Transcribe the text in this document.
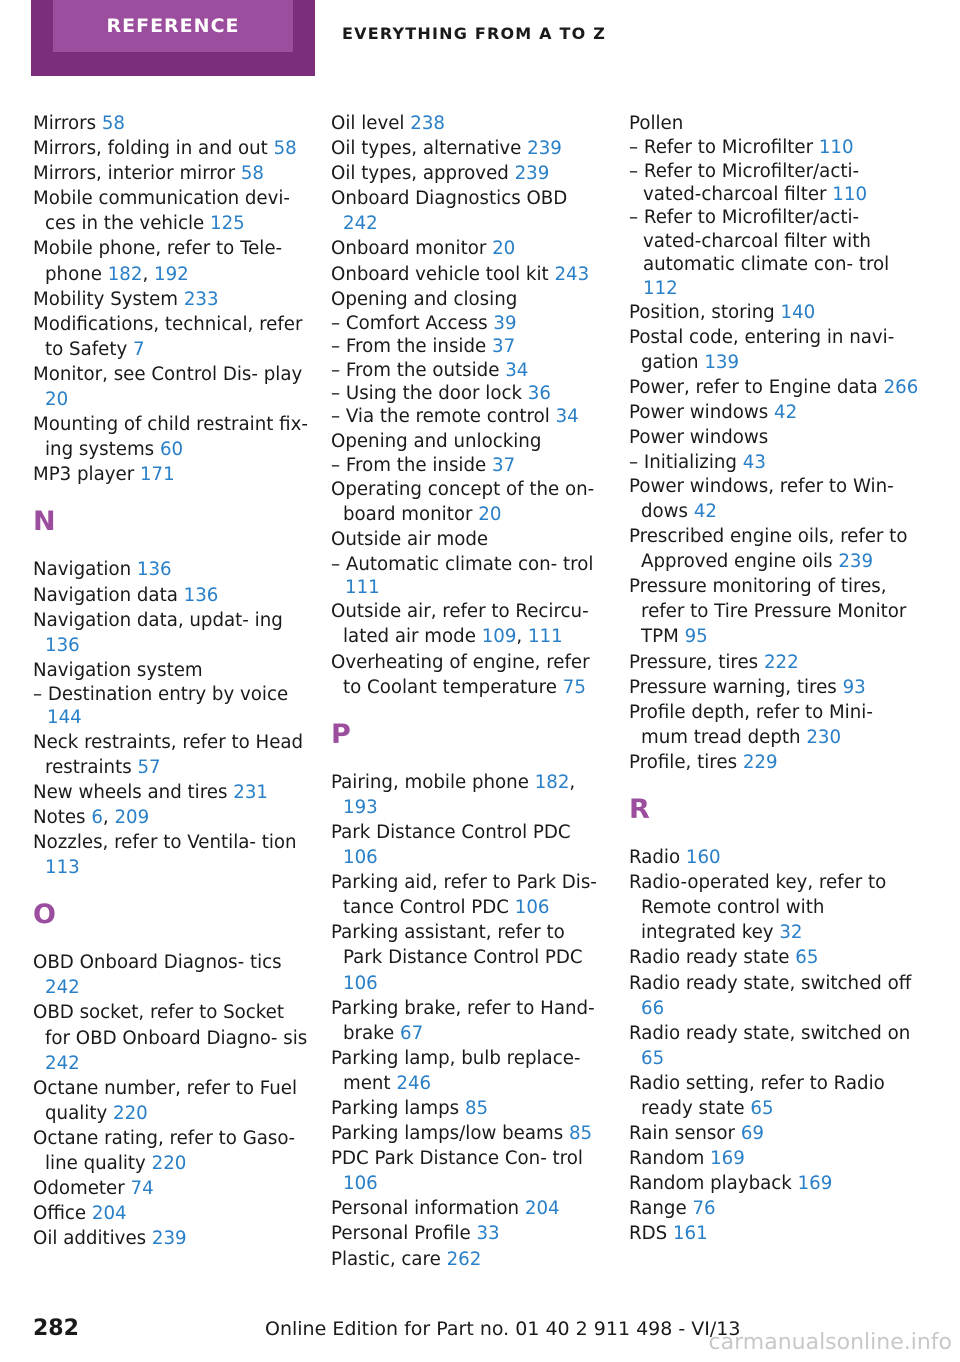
REFERENCE	EVERYTHING FROM A TO Z
Mirrors 58
Mirrors, folding in and out 58
Mirrors, interior mirror 58
Mobile communication devi‐ ces in the vehicle 125
Mobile phone, refer to Tele‐ phone 182, 192
Mobility System 233
Modifications, technical, refer to Safety 7
Monitor, see Control Dis‐ play 20
Mounting of child restraint fix‐ ing systems 60
MP3 player 171
N
Navigation 136
Navigation data 136
Navigation data, updat‐ ing 136
Navigation system
– Destination entry by voice 144
Neck restraints, refer to Head restraints 57
New wheels and tires 231
Notes 6, 209
Nozzles, refer to Ventila‐ tion 113
O
OBD Onboard Diagnos‐ tics 242
OBD socket, refer to Socket for OBD Onboard Diagno‐ sis 242
Octane number, refer to Fuel quality 220
Octane rating, refer to Gaso‐ line quality 220
Odometer 74
Office 204
Oil additives 239
Oil level 238
Oil types, alternative 239
Oil types, approved 239
Onboard Diagnostics OBD 242
Onboard monitor 20
Onboard vehicle tool kit 243
Opening and closing
– Comfort Access 39
– From the inside 37
– From the outside 34
– Using the door lock 36
– Via the remote control 34
Opening and unlocking
– From the inside 37
Operating concept of the on‐ board monitor 20
Outside air mode
– Automatic climate con‐ trol 111
Outside air, refer to Recircu‐ lated air mode 109, 111
Overheating of engine, refer to Coolant temperature 75
P
Pairing, mobile phone 182, 193
Park Distance Control PDC 106
Parking aid, refer to Park Dis‐ tance Control PDC 106
Parking assistant, refer to Park Distance Control PDC 106
Parking brake, refer to Hand‐ brake 67
Parking lamp, bulb replace‐ ment 246
Parking lamps 85
Parking lamps/low beams 85
PDC Park Distance Con‐ trol 106
Personal information 204
Personal Profile 33
Plastic, care 262
Pollen
– Refer to Microfilter 110
– Refer to Microfilter/acti‐ vated-charcoal filter 110
– Refer to Microfilter/acti‐ vated-charcoal filter with automatic climate con‐ trol 112
Position, storing 140
Postal code, entering in navi‐ gation 139
Power, refer to Engine data 266
Power windows 42
Power windows
– Initializing 43
Power windows, refer to Win‐ dows 42
Prescribed engine oils, refer to Approved engine oils 239
Pressure monitoring of tires, refer to Tire Pressure Monitor TPM 95
Pressure, tires 222
Pressure warning, tires 93
Profile depth, refer to Mini‐ mum tread depth 230
Profile, tires 229
R
Radio 160
Radio-operated key, refer to Remote control with integrated key 32
Radio ready state 65
Radio ready state, switched off 66
Radio ready state, switched on 65
Radio setting, refer to Radio ready state 65
Rain sensor 69
Random 169
Random playback 169
Range 76
RDS 161
282	Online Edition for Part no. 01 40 2 911 498 - VI/13
carmanualsonline.info
